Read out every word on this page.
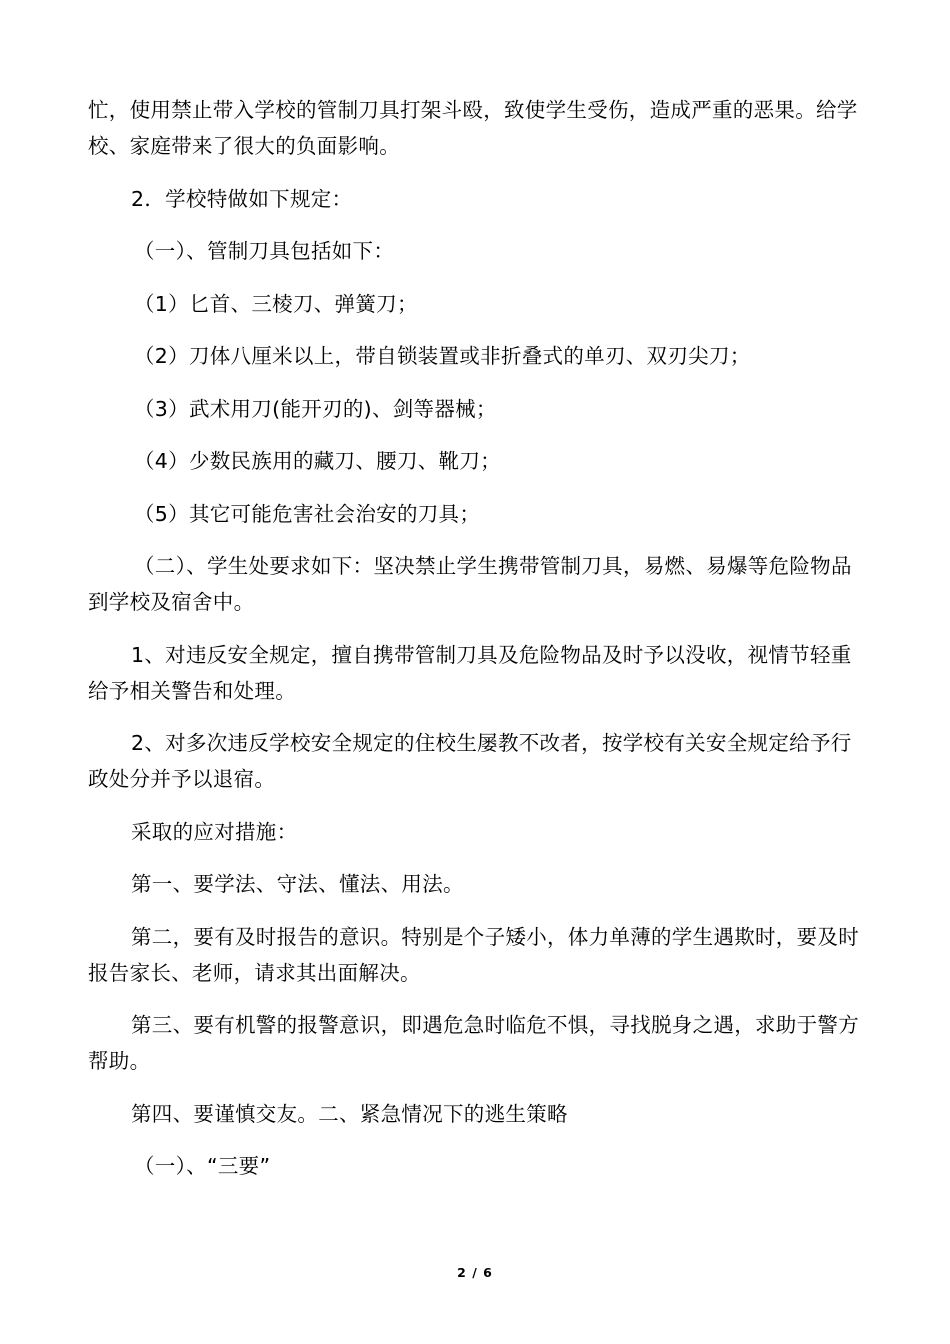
忙，使用禁止带入学校的管制刀具打架斗殴，致使学生受伤，造成严重的恶果。给学校、家庭带来了很大的负面影响。

2．学校特做如下规定：

（一）、管制刀具包括如下：

（1）匕首、三棱刀、弹簧刀；

（2）刀体八厘米以上，带自锁装置或非折叠式的单刃、双刃尖刀；

（3）武术用刀(能开刃的)、剑等器械；

（4）少数民族用的藏刀、腰刀、靴刀；

（5）其它可能危害社会治安的刀具；

（二）、学生处要求如下：坚决禁止学生携带管制刀具，易燃、易爆等危险物品到学校及宿舍中。

1、对违反安全规定，擅自携带管制刀具及危险物品及时予以没收，视情节轻重给予相关警告和处理。

2、对多次违反学校安全规定的住校生屡教不改者，按学校有关安全规定给予行政处分并予以退宿。

采取的应对措施：

第一、要学法、守法、懂法、用法。

第二，要有及时报告的意识。特别是个子矮小，体力单薄的学生遇欺时，要及时报告家长、老师，请求其出面解决。

第三、要有机警的报警意识，即遇危急时临危不惧，寻找脱身之遇，求助于警方帮助。

第四、要谨慎交友。二、紧急情况下的逃生策略

（一）、“三要”

2 / 6
